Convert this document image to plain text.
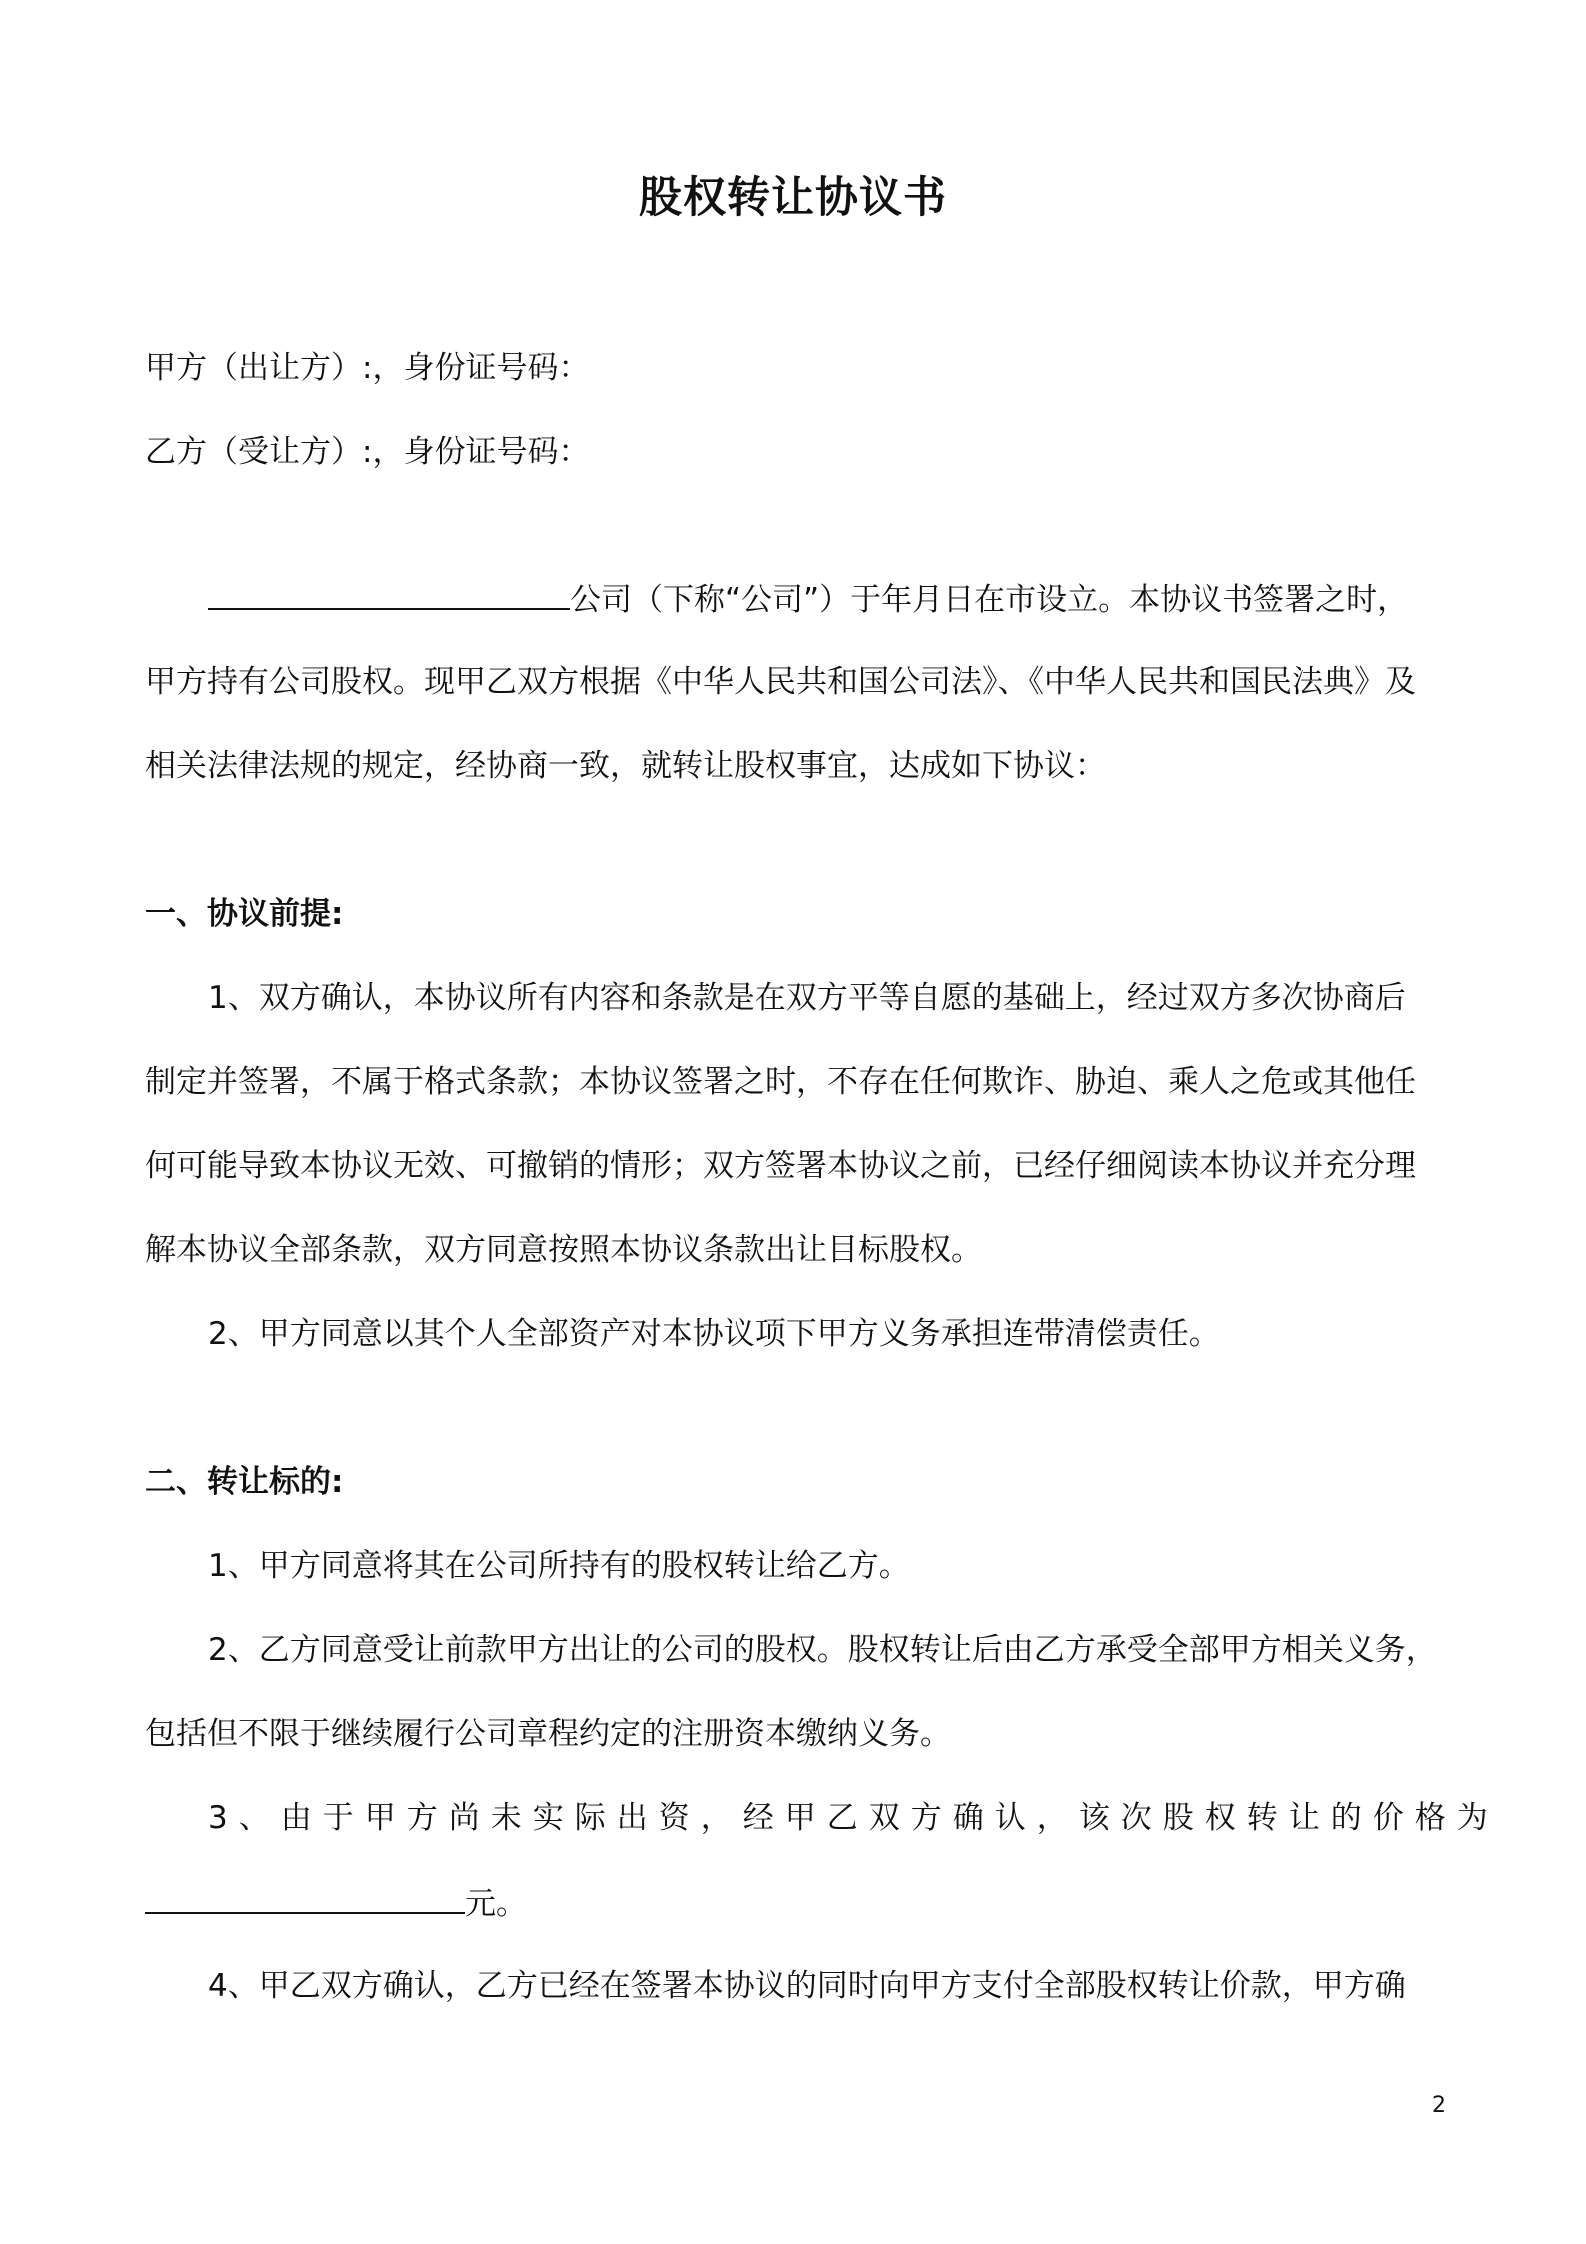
股权转让协议书
甲方（出让方）:，身份证号码：
乙方（受让方）:，身份证号码：
公司（下称“公司”）于年月日在市设立。本协议书签署之时，
甲方持有公司股权。现甲乙双方根据《中华人民共和国公司法》、《中华人民共和国民法典》及
相关法律法规的规定，经协商一致，就转让股权事宜，达成如下协议：
一、协议前提:
1、双方确认，本协议所有内容和条款是在双方平等自愿的基础上，经过双方多次协商后
制定并签署，不属于格式条款；本协议签署之时，不存在任何欺诈、胁迫、乘人之危或其他任
何可能导致本协议无效、可撤销的情形；双方签署本协议之前，已经仔细阅读本协议并充分理
解本协议全部条款，双方同意按照本协议条款出让目标股权。
2、甲方同意以其个人全部资产对本协议项下甲方义务承担连带清偿责任。
二、转让标的:
1、甲方同意将其在公司所持有的股权转让给乙方。
2、乙方同意受让前款甲方出让的公司的股权。股权转让后由乙方承受全部甲方相关义务，
包括但不限于继续履行公司章程约定的注册资本缴纳义务。
3、由于甲方尚未实际出资，经甲乙双方确认，该次股权转让的价格为
元。
4、甲乙双方确认，乙方已经在签署本协议的同时向甲方支付全部股权转让价款，甲方确
2
